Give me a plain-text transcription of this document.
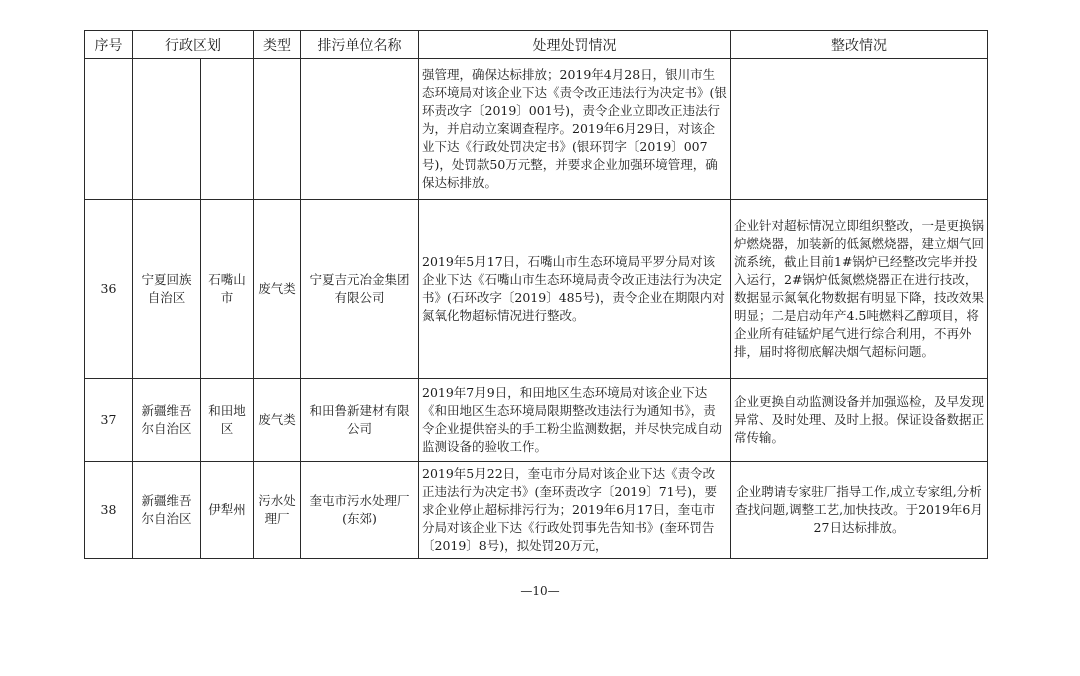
序号	行政区划		类型	排污单位名称	处理处罚情况	整改情况
					强管理，确保达标排放；2019年4月28日，银川市生态环境局对该企业下达《责令改正违法行为决定书》(银环责改字〔2019〕001号)，责令企业立即改正违法行为，并启动立案调查程序。2019年6月29日，对该企业下达《行政处罚决定书》(银环罚字〔2019〕007号)，处罚款50万元整，并要求企业加强环境管理，确保达标排放。	
36	宁夏回族自治区	石嘴山市	废气类	宁夏吉元冶金集团有限公司	2019年5月17日，石嘴山市生态环境局平罗分局对该企业下达《石嘴山市生态环境局责令改正违法行为决定书》(石环改字〔2019〕485号)，责令企业在期限内对氮氧化物超标情况进行整改。	企业针对超标情况立即组织整改，一是更换锅炉燃烧器，加装新的低氮燃烧器，建立烟气回流系统，截止目前1#锅炉已经整改完毕并投入运行，2#锅炉低氮燃烧器正在进行技改，数据显示氮氧化物数据有明显下降，技改效果明显；二是启动年产4.5吨燃料乙醇项目，将企业所有硅锰炉尾气进行综合利用，不再外排，届时将彻底解决烟气超标问题。
37	新疆维吾尔自治区	和田地区	废气类	和田鲁新建材有限公司	2019年7月9日，和田地区生态环境局对该企业下达《和田地区生态环境局限期整改违法行为通知书》，责令企业提供窑头的手工粉尘监测数据，并尽快完成自动监测设备的验收工作。	企业更换自动监测设备并加强巡检，及早发现异常、及时处理、及时上报。保证设备数据正常传输。
38	新疆维吾尔自治区	伊犁州	污水处理厂	奎屯市污水处理厂(东郊)	2019年5月22日，奎屯市分局对该企业下达《责令改正违法行为决定书》(奎环责改字〔2019〕71号)，要求企业停止超标排污行为；2019年6月17日，奎屯市分局对该企业下达《行政处罚事先告知书》(奎环罚告〔2019〕8号)，拟处罚20万元，	企业聘请专家驻厂指导工作,成立专家组,分析查找问题,调整工艺,加快技改。于2019年6月27日达标排放。
—10—
